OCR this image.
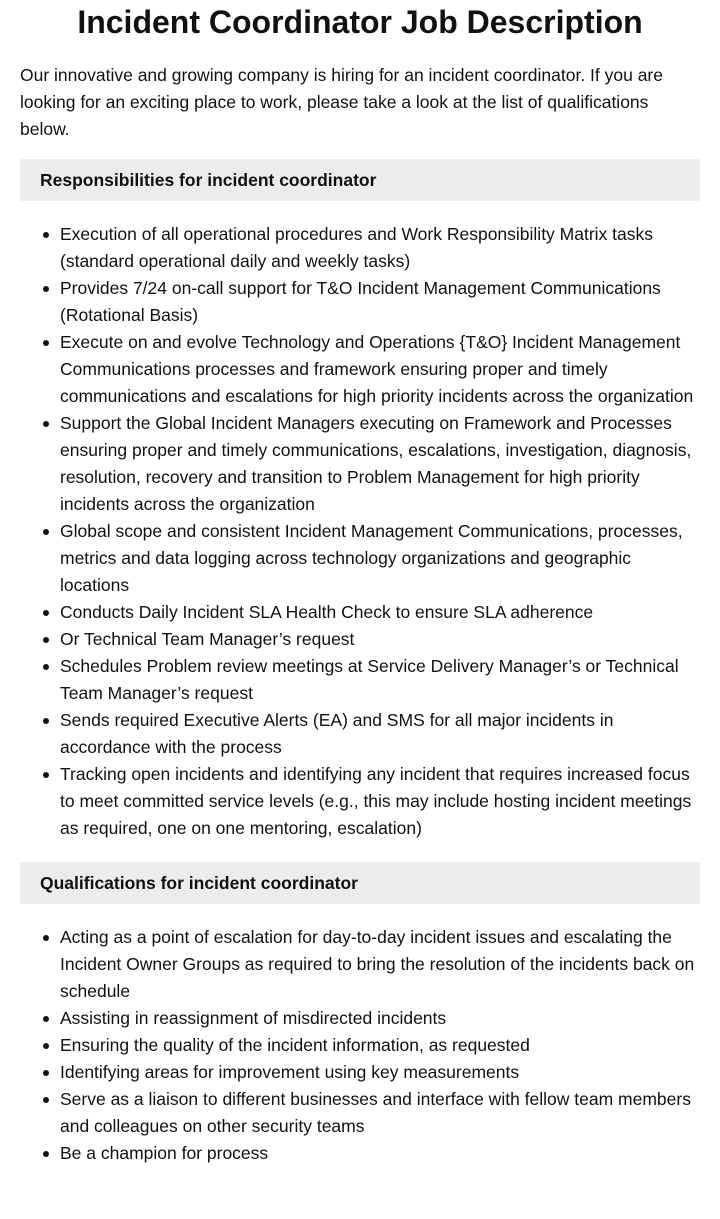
Incident Coordinator Job Description

Our innovative and growing company is hiring for an incident coordinator. If you are looking for an exciting place to work, please take a look at the list of qualifications below.

Responsibilities for incident coordinator
Execution of all operational procedures and Work Responsibility Matrix tasks (standard operational daily and weekly tasks)
Provides 7/24 on-call support for T&O Incident Management Communications (Rotational Basis)
Execute on and evolve Technology and Operations {T&O} Incident Management Communications processes and framework ensuring proper and timely communications and escalations for high priority incidents across the organization
Support the Global Incident Managers executing on Framework and Processes ensuring proper and timely communications, escalations, investigation, diagnosis, resolution, recovery and transition to Problem Management for high priority incidents across the organization
Global scope and consistent Incident Management Communications, processes, metrics and data logging across technology organizations and geographic locations
Conducts Daily Incident SLA Health Check to ensure SLA adherence
Or Technical Team Manager’s request
Schedules Problem review meetings at Service Delivery Manager’s or Technical Team Manager’s request
Sends required Executive Alerts (EA) and SMS for all major incidents in accordance with the process
Tracking open incidents and identifying any incident that requires increased focus to meet committed service levels (e.g., this may include hosting incident meetings as required, one on one mentoring, escalation)
Qualifications for incident coordinator
Acting as a point of escalation for day-to-day incident issues and escalating the Incident Owner Groups as required to bring the resolution of the incidents back on schedule
Assisting in reassignment of misdirected incidents
Ensuring the quality of the incident information, as requested
Identifying areas for improvement using key measurements
Serve as a liaison to different businesses and interface with fellow team members and colleagues on other security teams
Be a champion for process
